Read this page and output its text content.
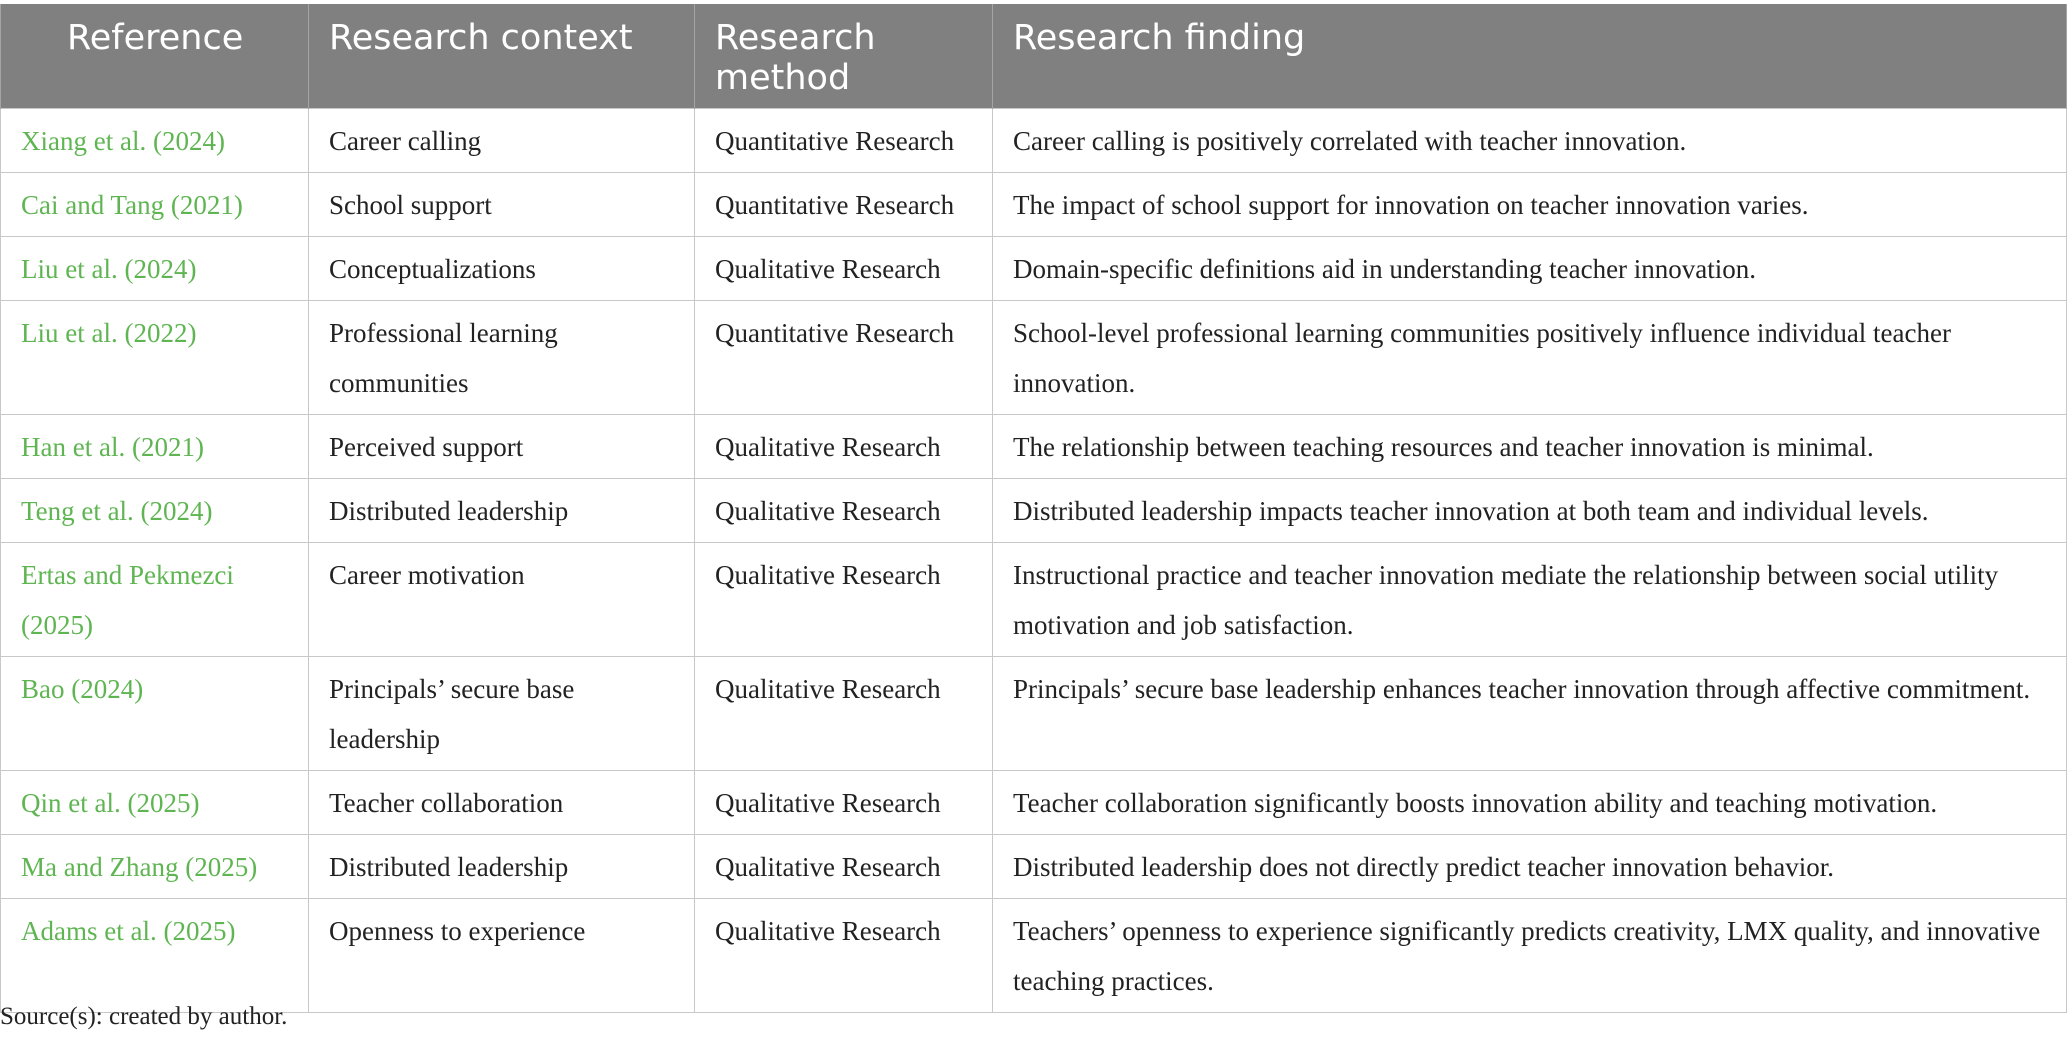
Reference	Research context	Research method	Research finding
Xiang et al. (2024)	Career calling	Quantitative Research	Career calling is positively correlated with teacher innovation.
Cai and Tang (2021)	School support	Quantitative Research	The impact of school support for innovation on teacher innovation varies.
Liu et al. (2024)	Conceptualizations	Qualitative Research	Domain-specific definitions aid in understanding teacher innovation.
Liu et al. (2022)	Professional learning communities	Quantitative Research	School-level professional learning communities positively influence individual teacher innovation.
Han et al. (2021)	Perceived support	Qualitative Research	The relationship between teaching resources and teacher innovation is minimal.
Teng et al. (2024)	Distributed leadership	Qualitative Research	Distributed leadership impacts teacher innovation at both team and individual levels.
Ertas and Pekmezci (2025)	Career motivation	Qualitative Research	Instructional practice and teacher innovation mediate the relationship between social utility motivation and job satisfaction.
Bao (2024)	Principals’ secure base leadership	Qualitative Research	Principals’ secure base leadership enhances teacher innovation through affective commitment.
Qin et al. (2025)	Teacher collaboration	Qualitative Research	Teacher collaboration significantly boosts innovation ability and teaching motivation.
Ma and Zhang (2025)	Distributed leadership	Qualitative Research	Distributed leadership does not directly predict teacher innovation behavior.
Adams et al. (2025)	Openness to experience	Qualitative Research	Teachers’ openness to experience significantly predicts creativity, LMX quality, and innovative teaching practices.
Source(s): created by author.
